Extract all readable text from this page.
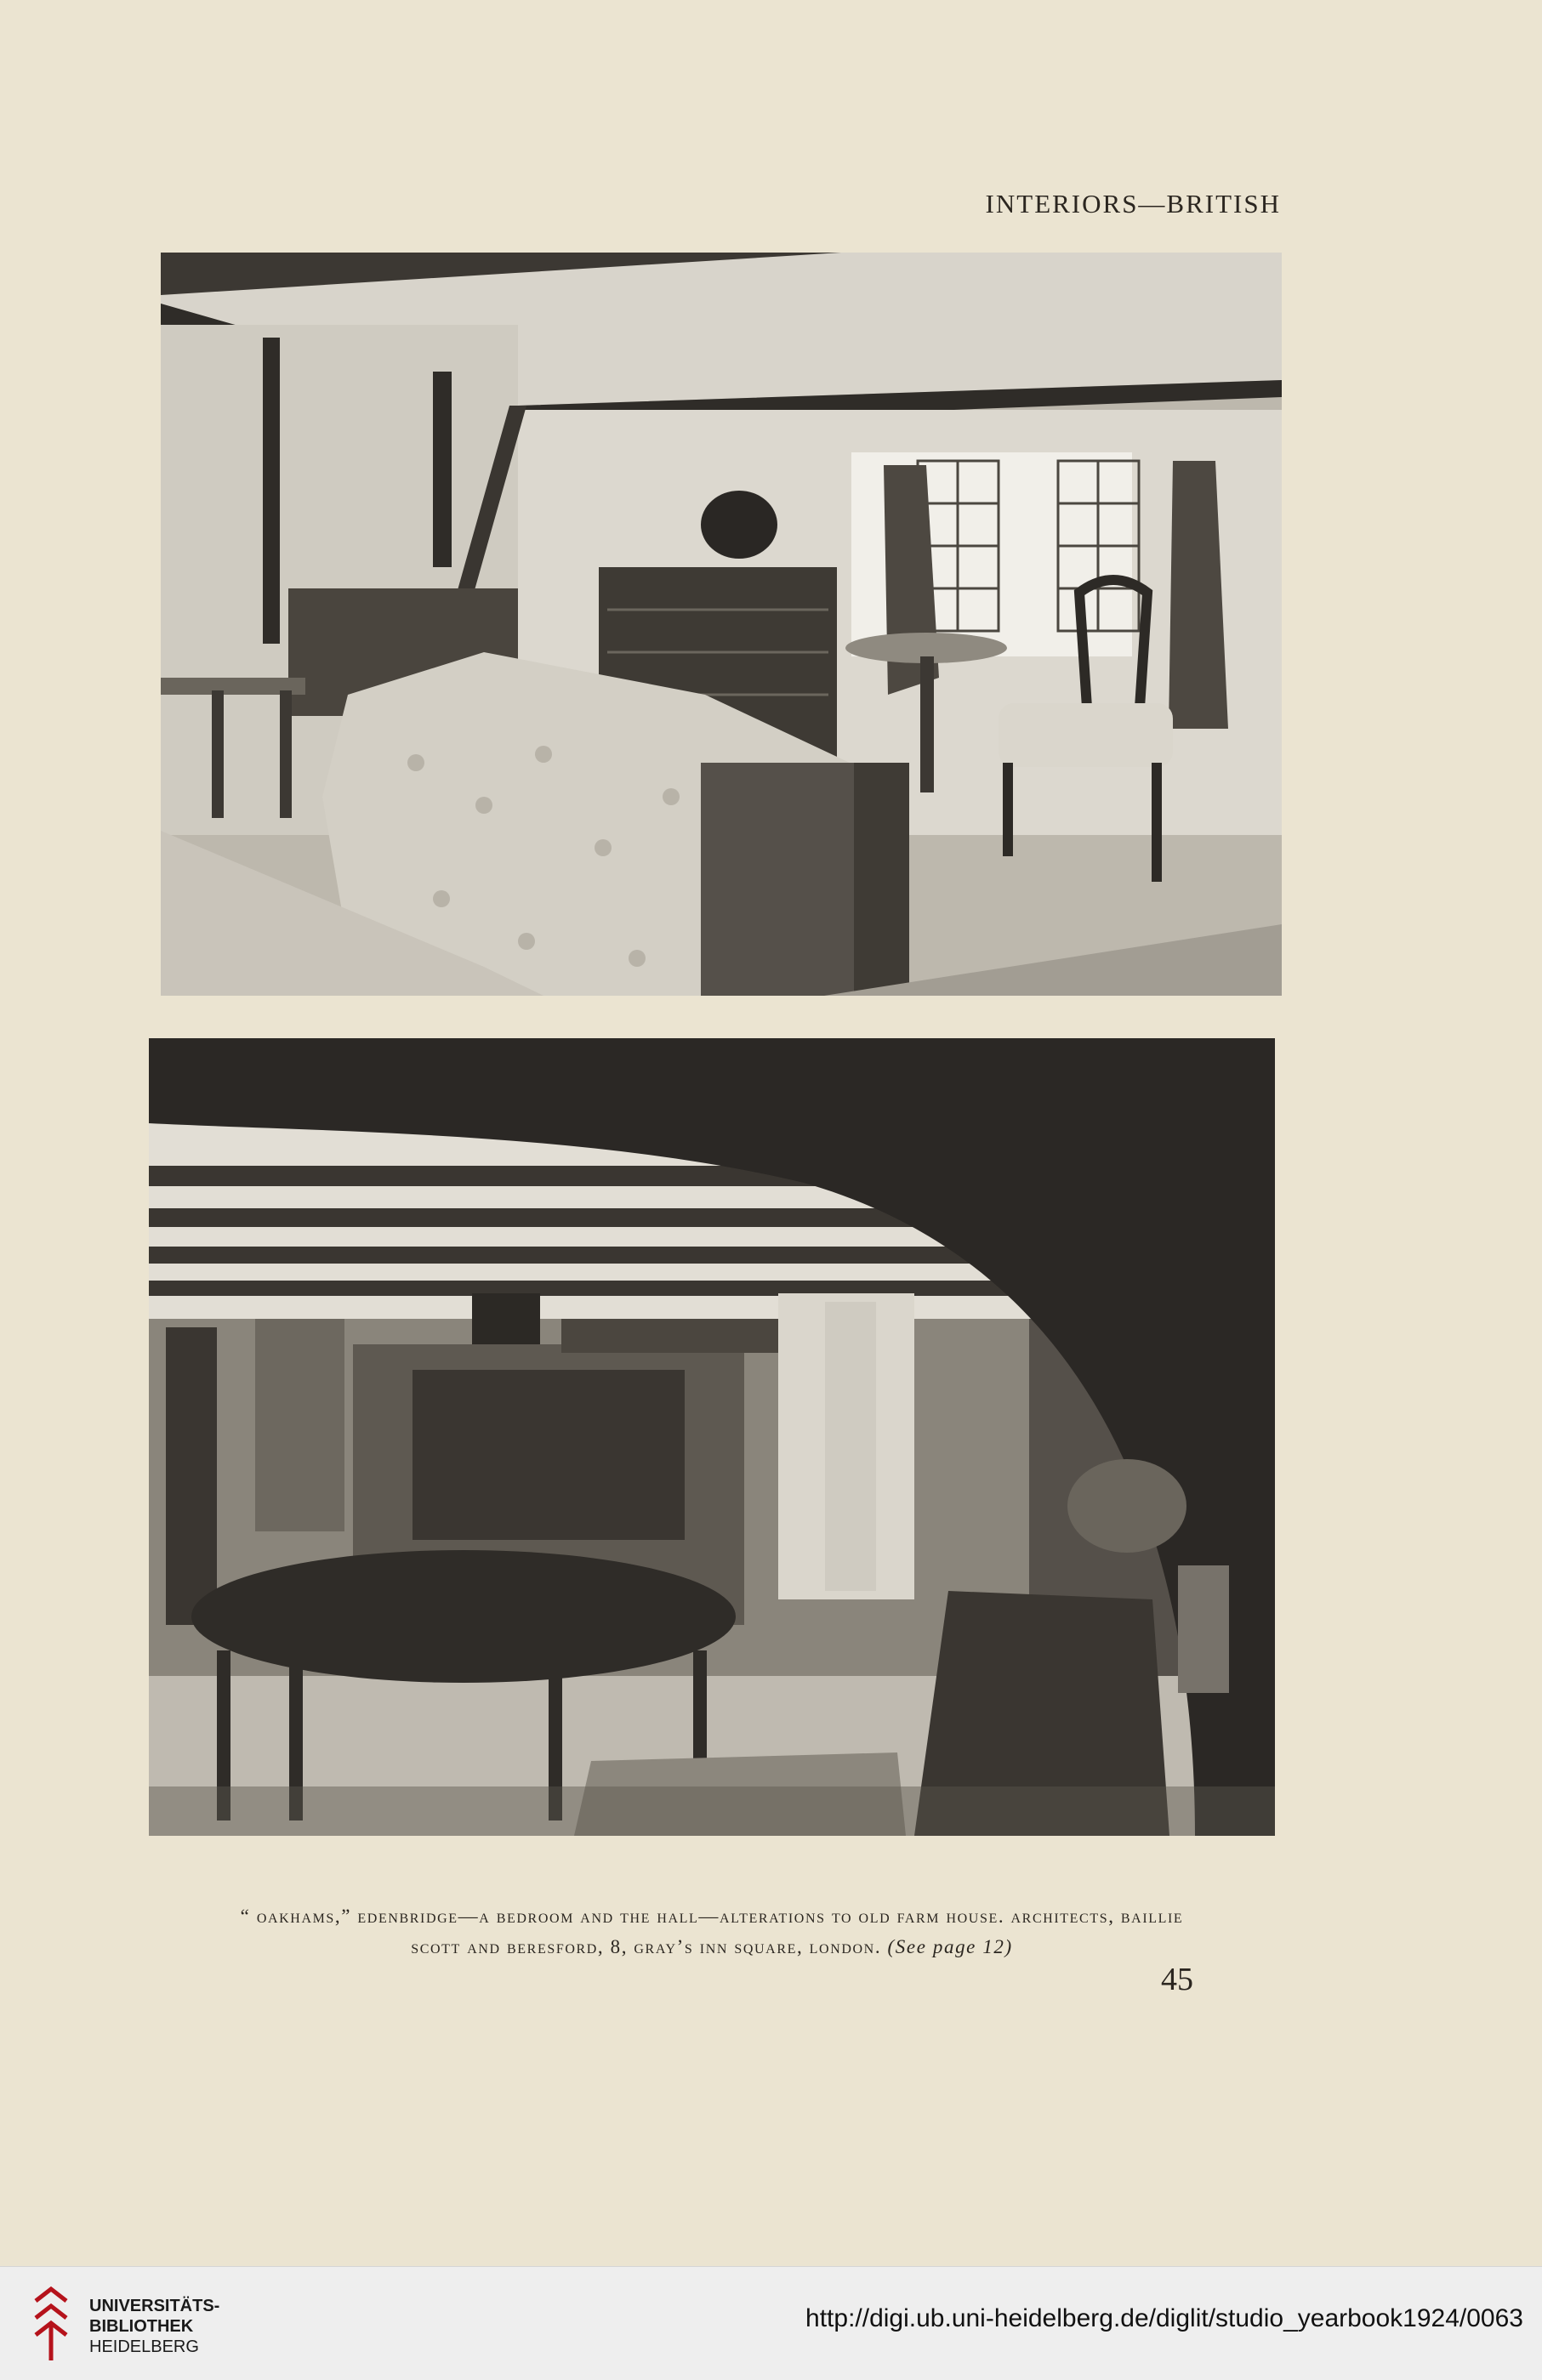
INTERIORS—BRITISH

“ oakhams,” edenbridge—a bedroom and the hall—alterations to old farm house. architects, baillie

scott and beresford, 8, gray’s inn square, london. (See page 12)

45

UNIVERSITÄTS-
BIBLIOTHEK
HEIDELBERG
http://digi.ub.uni-heidelberg.de/diglit/studio_yearbook1924/0063
